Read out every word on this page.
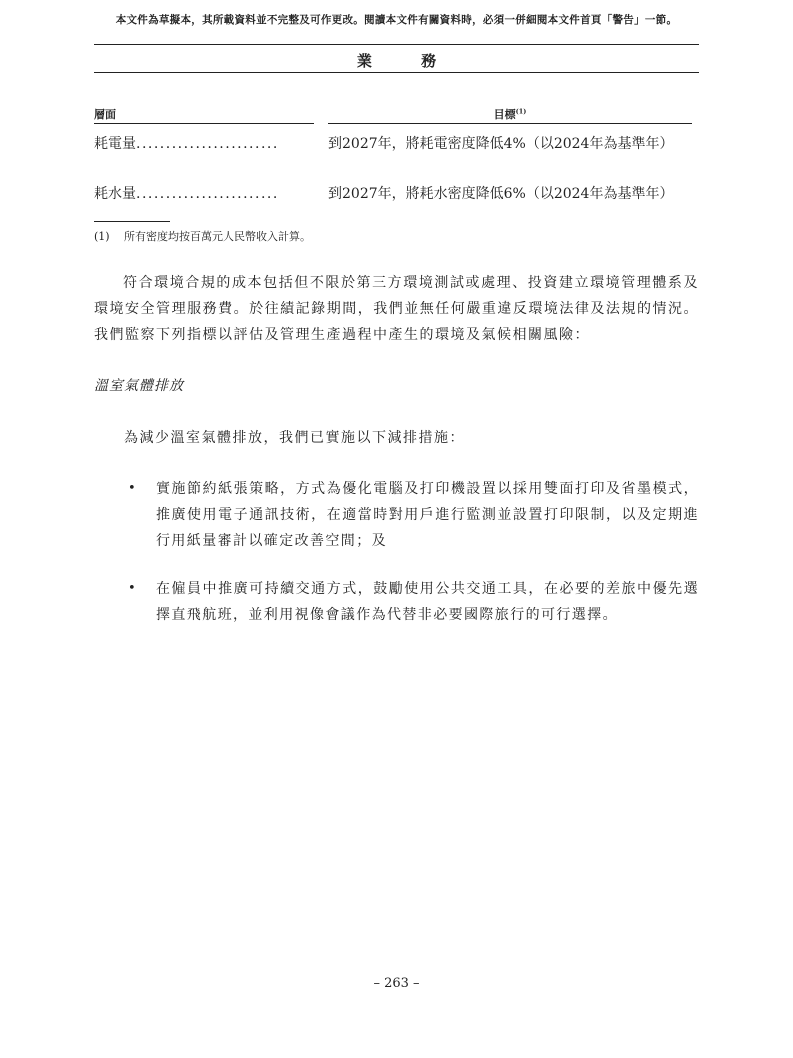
本文件為草擬本，其所載資料並不完整及可作更改。閱讀本文件有關資料時，必須一併細閱本文件首頁「警告」一節。
業 務
層面	目標$^{(1)}$
耗電量........................	到2027年，將耗電密度降低4%（以2024年為基準年）
耗水量........................	到2027年，將耗水密度降低6%（以2024年為基準年）
(1) 所有密度均按百萬元人民幣收入計算。
符合環境合規的成本包括但不限於第三方環境測試或處理、投資建立環境管理體系及環境安全管理服務費。於往績記錄期間，我們並無任何嚴重違反環境法律及法規的情況。我們監察下列指標以評估及管理生產過程中產生的環境及氣候相關風險：
溫室氣體排放
為減少溫室氣體排放，我們已實施以下減排措施：
• 實施節約紙張策略，方式為優化電腦及打印機設置以採用雙面打印及省墨模式，推廣使用電子通訊技術，在適當時對用戶進行監測並設置打印限制，以及定期進行用紙量審計以確定改善空間；及
• 在僱員中推廣可持續交通方式，鼓勵使用公共交通工具，在必要的差旅中優先選擇直飛航班，並利用視像會議作為代替非必要國際旅行的可行選擇。
– 263 –
